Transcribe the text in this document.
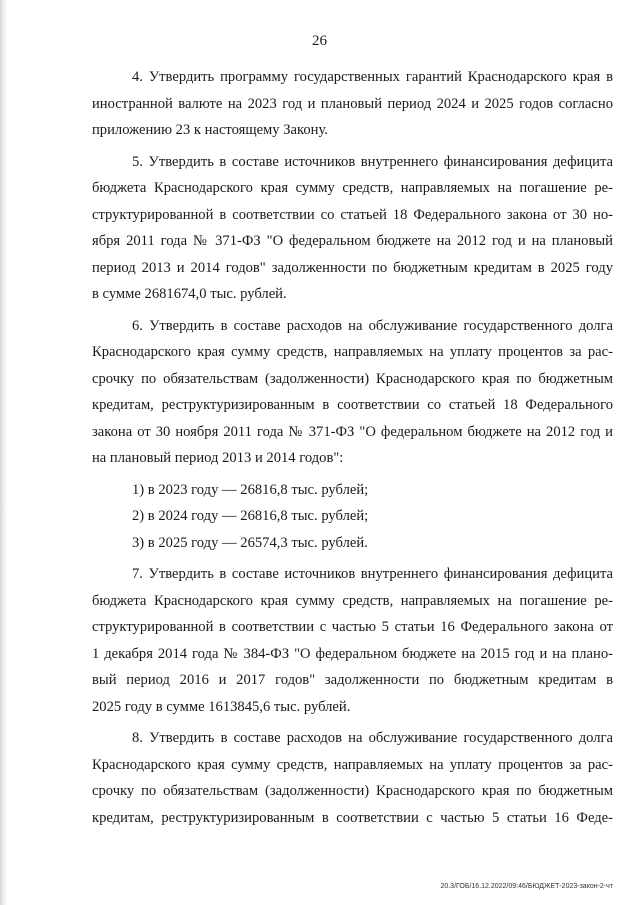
26
4. Утвердить программу государственных гарантий Краснодарского края в
иностранной валюте на 2023 год и плановый период 2024 и 2025 годов согласно
приложению 23 к настоящему Закону.
5. Утвердить в составе источников внутреннего финансирования дефицита
бюджета Краснодарского края сумму средств, направляемых на погашение ре-
структурированной в соответствии со статьей 18 Федерального закона от 30 но-
ября 2011 года № 371-ФЗ "О федеральном бюджете на 2012 год и на плановый
период 2013 и 2014 годов" задолженности по бюджетным кредитам в 2025 году
в сумме 2681674,0 тыс. рублей.
6. Утвердить в составе расходов на обслуживание государственного долга
Краснодарского края сумму средств, направляемых на уплату процентов за рас-
срочку по обязательствам (задолженности) Краснодарского края по бюджетным
кредитам, реструктуризированным в соответствии со статьей 18 Федерального
закона от 30 ноября 2011 года № 371-ФЗ "О федеральном бюджете на 2012 год и
на плановый период 2013 и 2014 годов":
1) в 2023 году — 26816,8 тыс. рублей;
2) в 2024 году — 26816,8 тыс. рублей;
3) в 2025 году — 26574,3 тыс. рублей.
7. Утвердить в составе источников внутреннего финансирования дефицита
бюджета Краснодарского края сумму средств, направляемых на погашение ре-
структурированной в соответствии с частью 5 статьи 16 Федерального закона от
1 декабря 2014 года № 384-ФЗ "О федеральном бюджете на 2015 год и на плано-
вый период 2016 и 2017 годов" задолженности по бюджетным кредитам в
2025 году в сумме 1613845,6 тыс. рублей.
8. Утвердить в составе расходов на обслуживание государственного долга
Краснодарского края сумму средств, направляемых на уплату процентов за рас-
срочку по обязательствам (задолженности) Краснодарского края по бюджетным
кредитам, реструктуризированным в соответствии с частью 5 статьи 16 Феде-
20.3/ГОБ/16.12.2022/09:46/БЮДЖЕТ-2023-закон-2-чт
